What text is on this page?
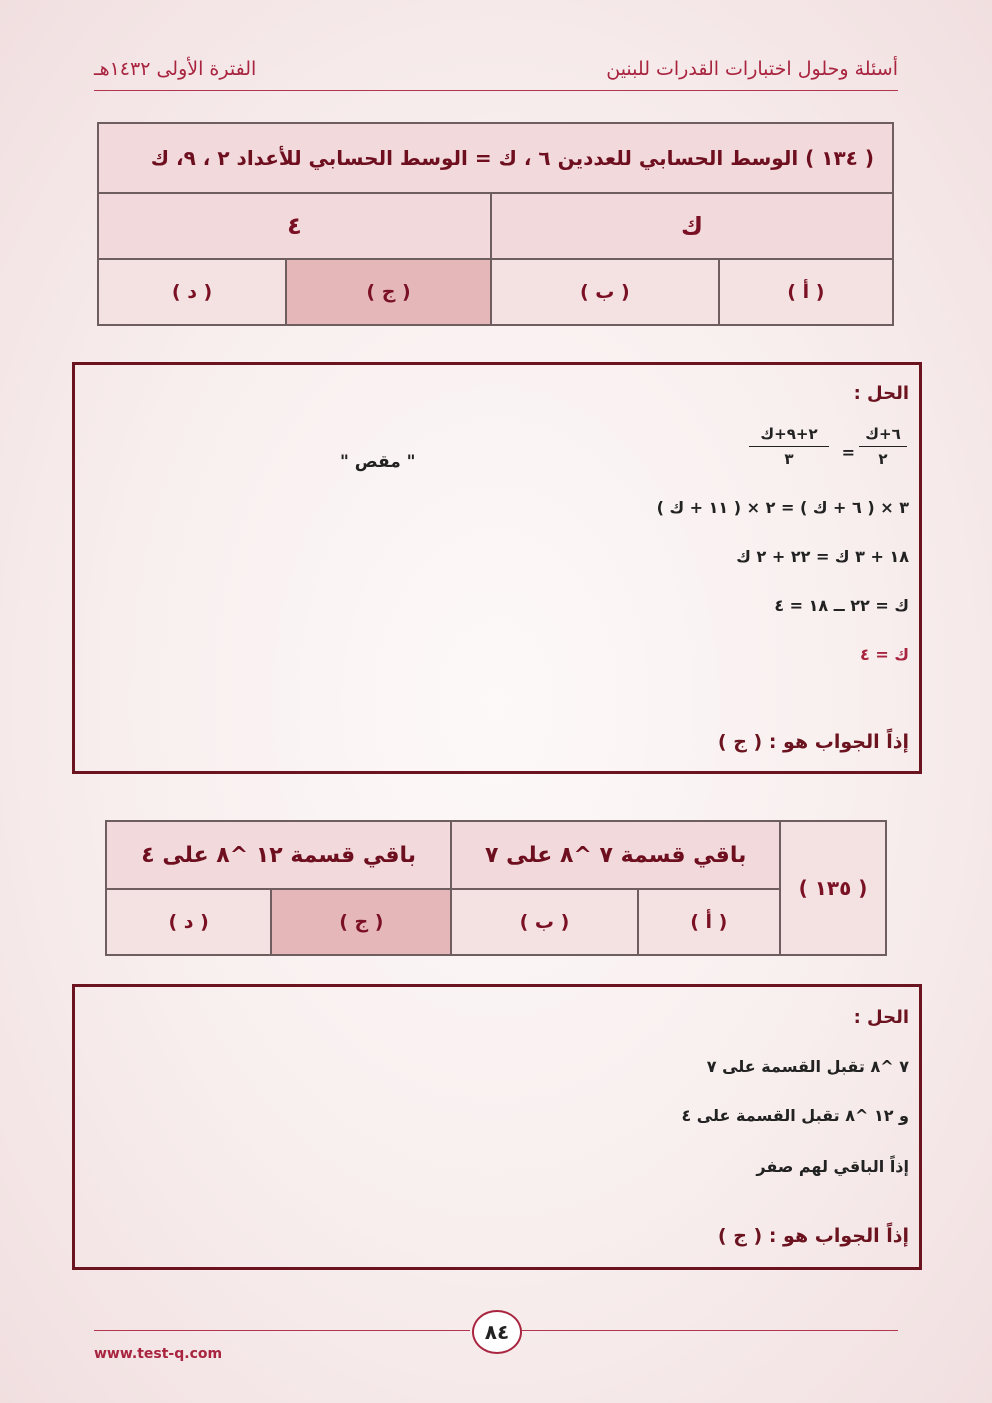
أسئلة وحلول اختبارات القدرات للبنين
الفترة الأولى ١٤٣٢هـ
( ١٣٤ ) الوسط الحسابي للعددين ٦ ، ك = الوسط الحسابي للأعداد ٢ ، ٩، ك			
ك		٤	
( أ )	( ب )	( ج )	( د )
الحل :
٦+ك
٢
=
٢+٩+ك
٣
٣ × ( ٦ + ك ) = ٢ × ( ١١ + ك )
١٨ + ٣ ك = ٢٢ + ٢ ك
ك = ٢٢ ــ ١٨ = ٤
ك = ٤
إذاً الجواب هو : ( ج )
" مقص "
( ١٣٥ )	باقي قسمة ٧ ^٨ على ٧		باقي قسمة ١٢ ^٨ على ٤	
	( أ )	( ب )	( ج )	( د )
الحل :
٧ ^٨ تقبل القسمة على ٧
و ١٢ ^٨ تقبل القسمة على ٤
إذاً الباقي لهم صفر
إذاً الجواب هو : ( ج )
٨٤
www.test-q.com
